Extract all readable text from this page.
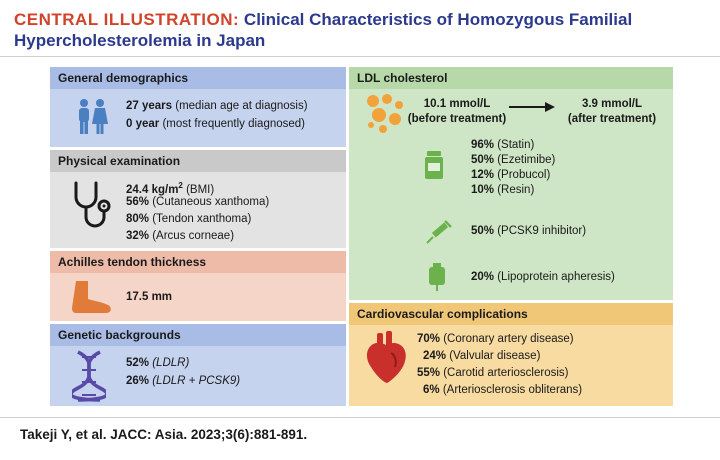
CENTRAL ILLUSTRATION: Clinical Characteristics of Homozygous Familial Hypercholesterolemia in Japan
General demographics
27 years (median age at diagnosis)
0 year (most frequently diagnosed)
Physical examination
24.4 $kg/m^2$ (BMI)
56% (Cutaneous xanthoma)
80% (Tendon xanthoma)
32% (Arcus corneae)
Achilles tendon thickness
17.5 mm
Genetic backgrounds
52% (LDLR)
26% (LDLR + PCSK9)
LDL cholesterol
10.1 mmol/L
(before treatment)
3.9 mmol/L
(after treatment)
96% (Statin)
50% (Ezetimibe)
12% (Probucol)
10% (Resin)
50% (PCSK9 inhibitor)
20% (Lipoprotein apheresis)
Cardiovascular complications
70% (Coronary artery disease)
24% (Valvular disease)
55% (Carotid arteriosclerosis)
6% (Arteriosclerosis obliterans)
Takeji Y, et al. JACC: Asia. 2023;3(6):881-891.
